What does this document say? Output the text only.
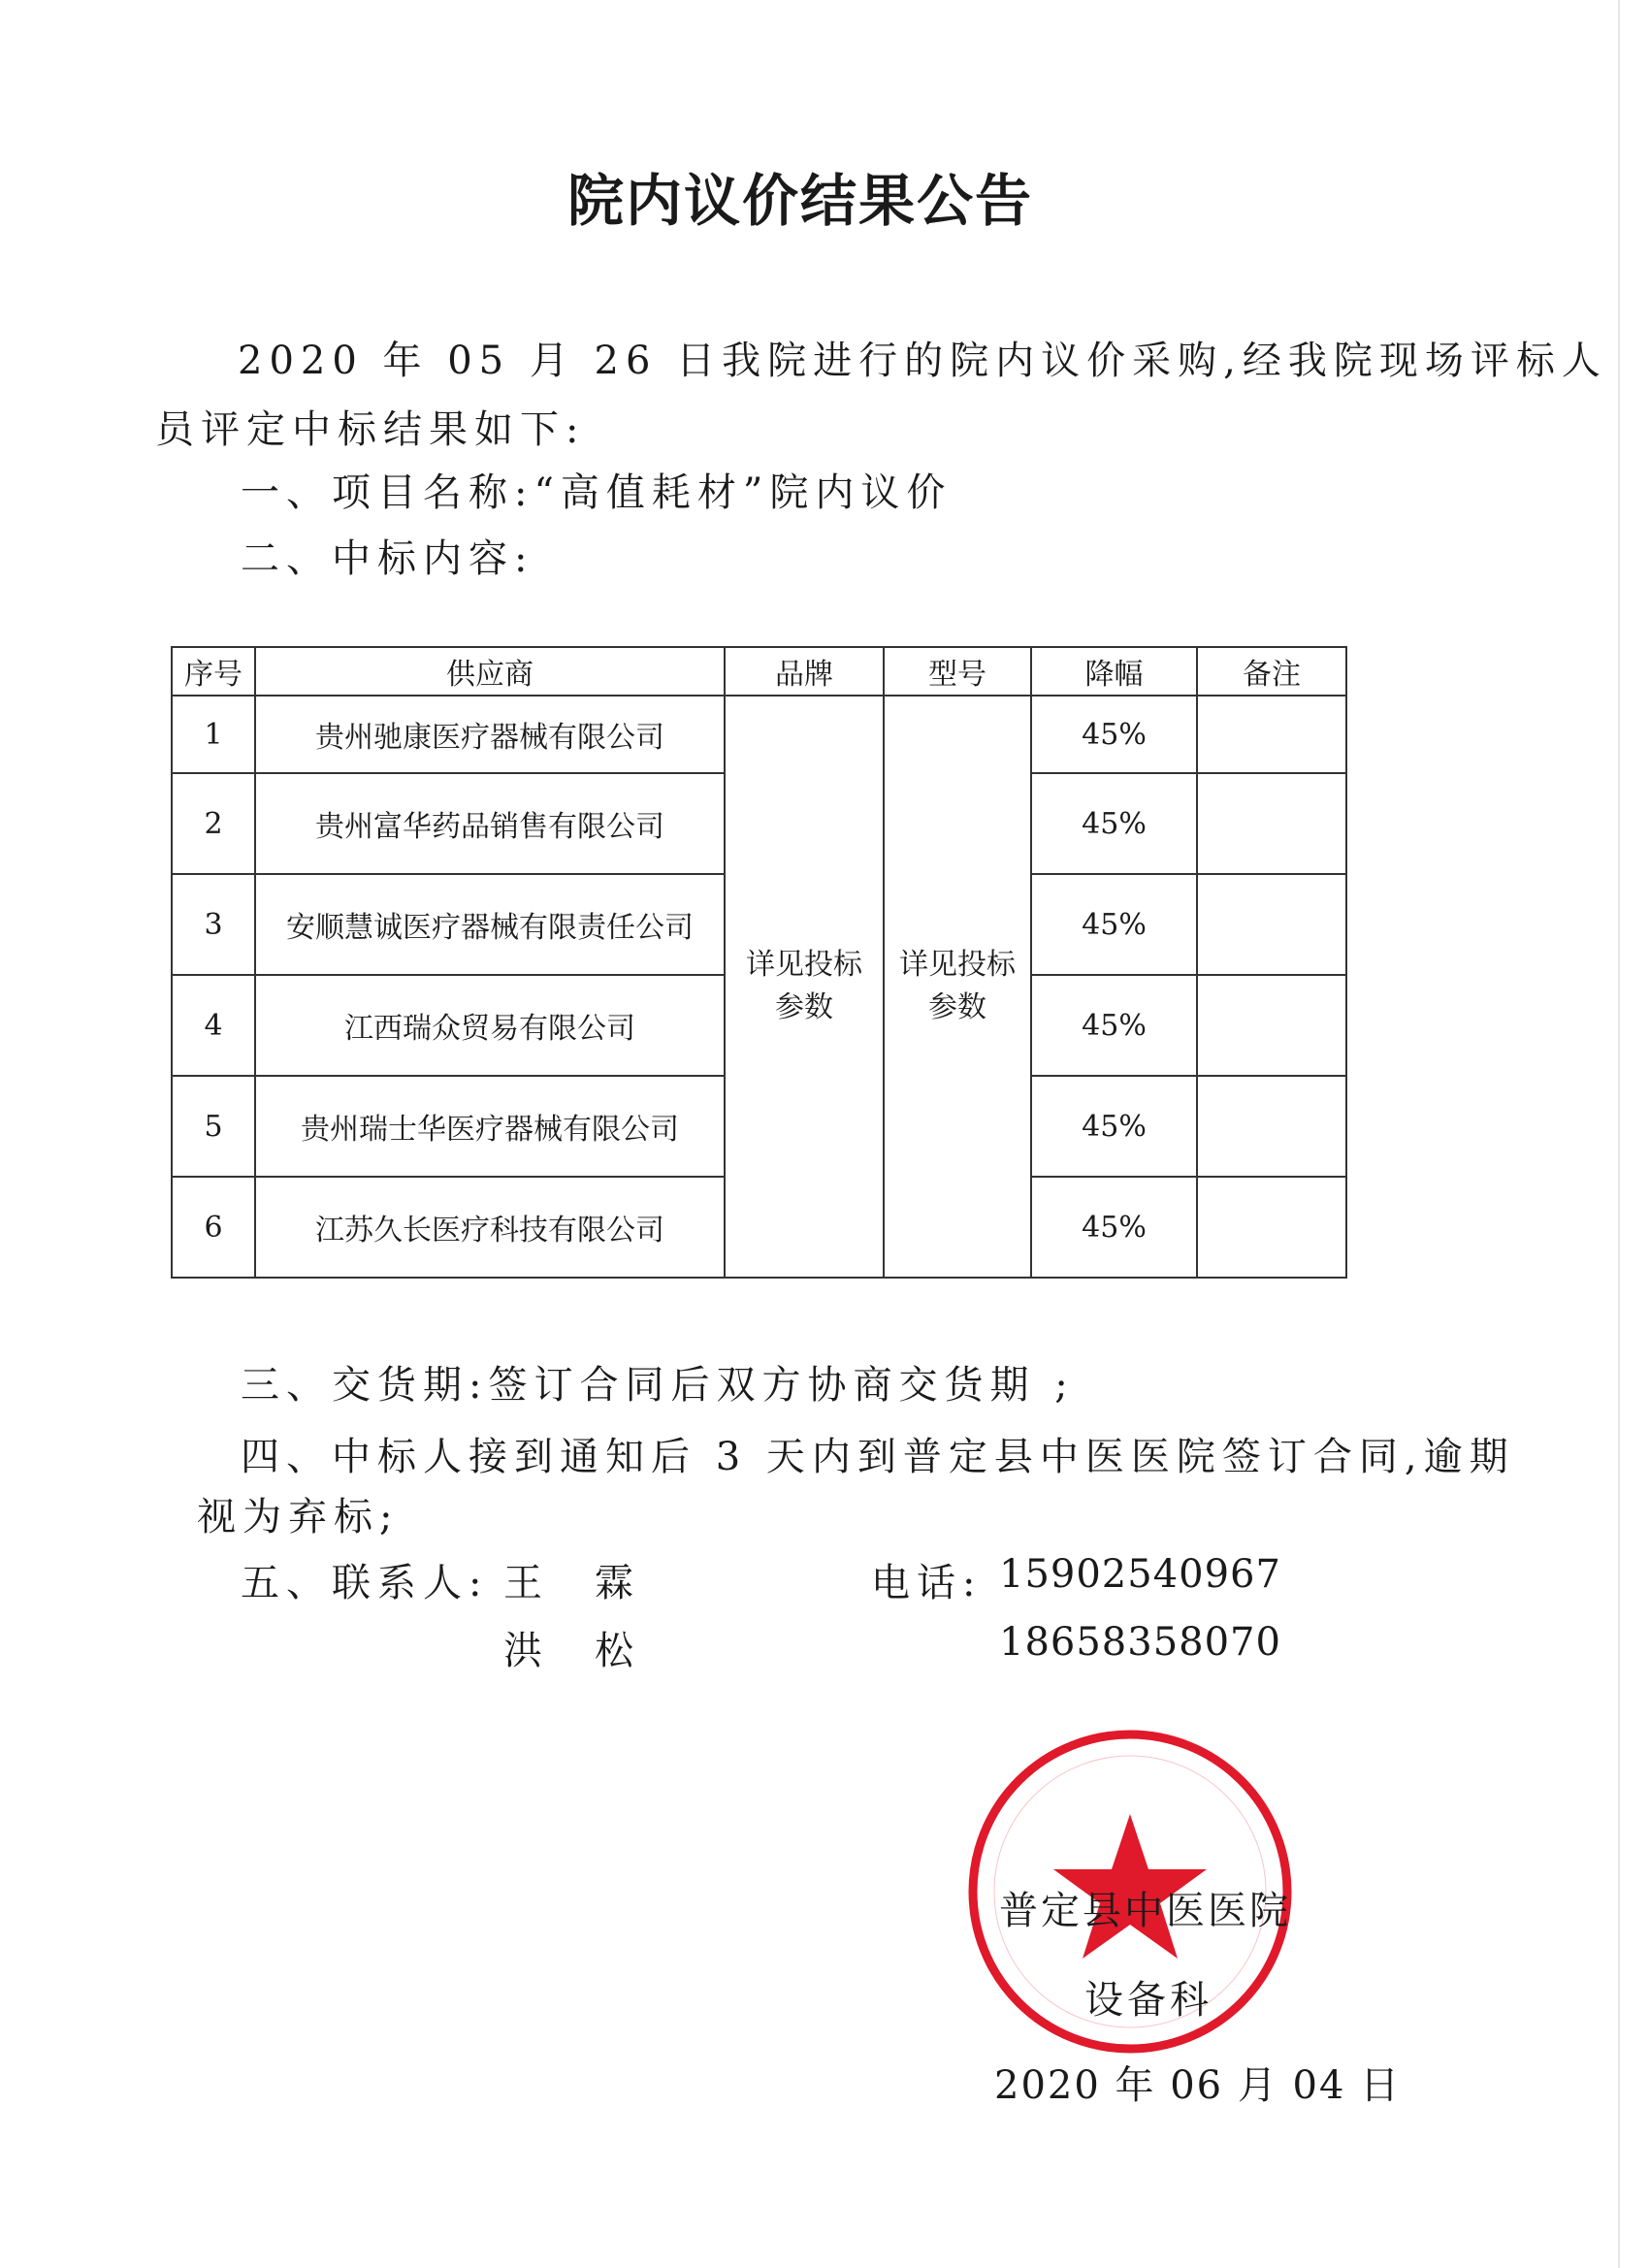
院内议价结果公告
2020 年 05 月 26 日我院进行的院内议价采购,经我院现场评标人
员评定中标结果如下:
一、项目名称:“高值耗材”院内议价
二、中标内容:
序号	供应商	品牌	型号	降幅	备注
1	贵州驰康医疗器械有限公司	详见投标参数	详见投标参数	45%	
2	贵州富华药品销售有限公司			45%	
3	安顺慧诚医疗器械有限责任公司			45%	
4	江西瑞众贸易有限公司			45%	
5	贵州瑞士华医疗器械有限公司			45%	
6	江苏久长医疗科技有限公司			45%	
三、交货期:签订合同后双方协商交货期 ;
四、中标人接到通知后 3 天内到普定县中医医院签订合同,逾期
视为弃标;
五、联系人: 王　霖	电话: 15902540967
洪　松	18658358070
普定县中医医院
设备科
2020 年 06 月 04 日
